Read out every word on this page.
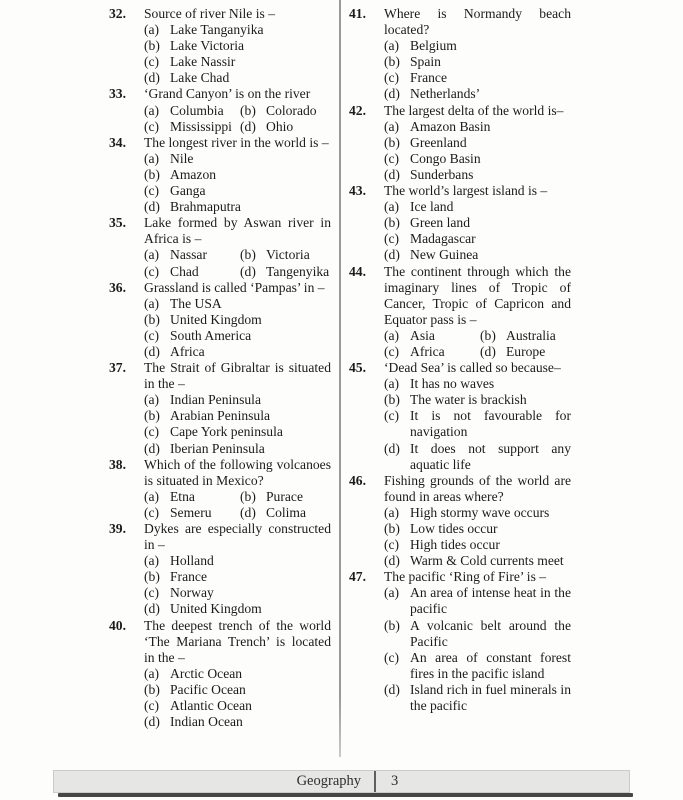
32.	Source of river Nile is –
(a) Lake Tanganyika
(b) Lake Victoria
(c) Lake Nassir
(d) Lake Chad
33.	‘Grand Canyon’ is on the river
(a) Columbia	(b) Colorado
(c) Mississippi (d) Ohio
34.	The longest river in the world is –
(a) Nile
(b) Amazon
(c) Ganga
(d) Brahmaputra
35.	Lake formed by Aswan river in Africa is –
(a) Nassar	(b) Victoria
(c) Chad	(d) Tangenyika
36.	Grassland is called ‘Pampas’ in –
(a) The USA
(b) United Kingdom
(c) South America
(d) Africa
37.	The Strait of Gibraltar is situated in the –
(a) Indian Peninsula
(b) Arabian Peninsula
(c) Cape York peninsula
(d) Iberian Peninsula
38.	Which of the following volcanoes is situated in Mexico?
(a) Etna	(b) Purace
(c) Semeru	(d) Colima
39.	Dykes are especially constructed in –
(a) Holland
(b) France
(c) Norway
(d) United Kingdom
40.	The deepest trench of the world ‘The Mariana Trench’ is located in the –
(a) Arctic Ocean
(b) Pacific Ocean
(c) Atlantic Ocean
(d) Indian Ocean
41.	Where is Normandy beach located?
(a) Belgium
(b) Spain
(c) France
(d) Netherlands’
42.	The largest delta of the world is–
(a) Amazon Basin
(b) Greenland
(c) Congo Basin
(d) Sunderbans
43.	The world’s largest island is –
(a) Ice land
(b) Green land
(c) Madagascar
(d) New Guinea
44.	The continent through which the imaginary lines of Tropic of Cancer, Tropic of Capricon and Equator pass is –
(a) Asia	(b) Australia
(c) Africa	(d) Europe
45.	‘Dead Sea’ is called so because–
(a) It has no waves
(b) The water is brackish
(c) It is not favourable for navigation
(d) It does not support any aquatic life
46.	Fishing grounds of the world are found in areas where?
(a) High stormy wave occurs
(b) Low tides occur
(c) High tides occur
(d) Warm & Cold currents meet
47.	The pacific ‘Ring of Fire’ is –
(a) An area of intense heat in the pacific
(b) A volcanic belt around the Pacific
(c) An area of constant forest fires in the pacific island
(d) Island rich in fuel minerals in the pacific
Geography	3
